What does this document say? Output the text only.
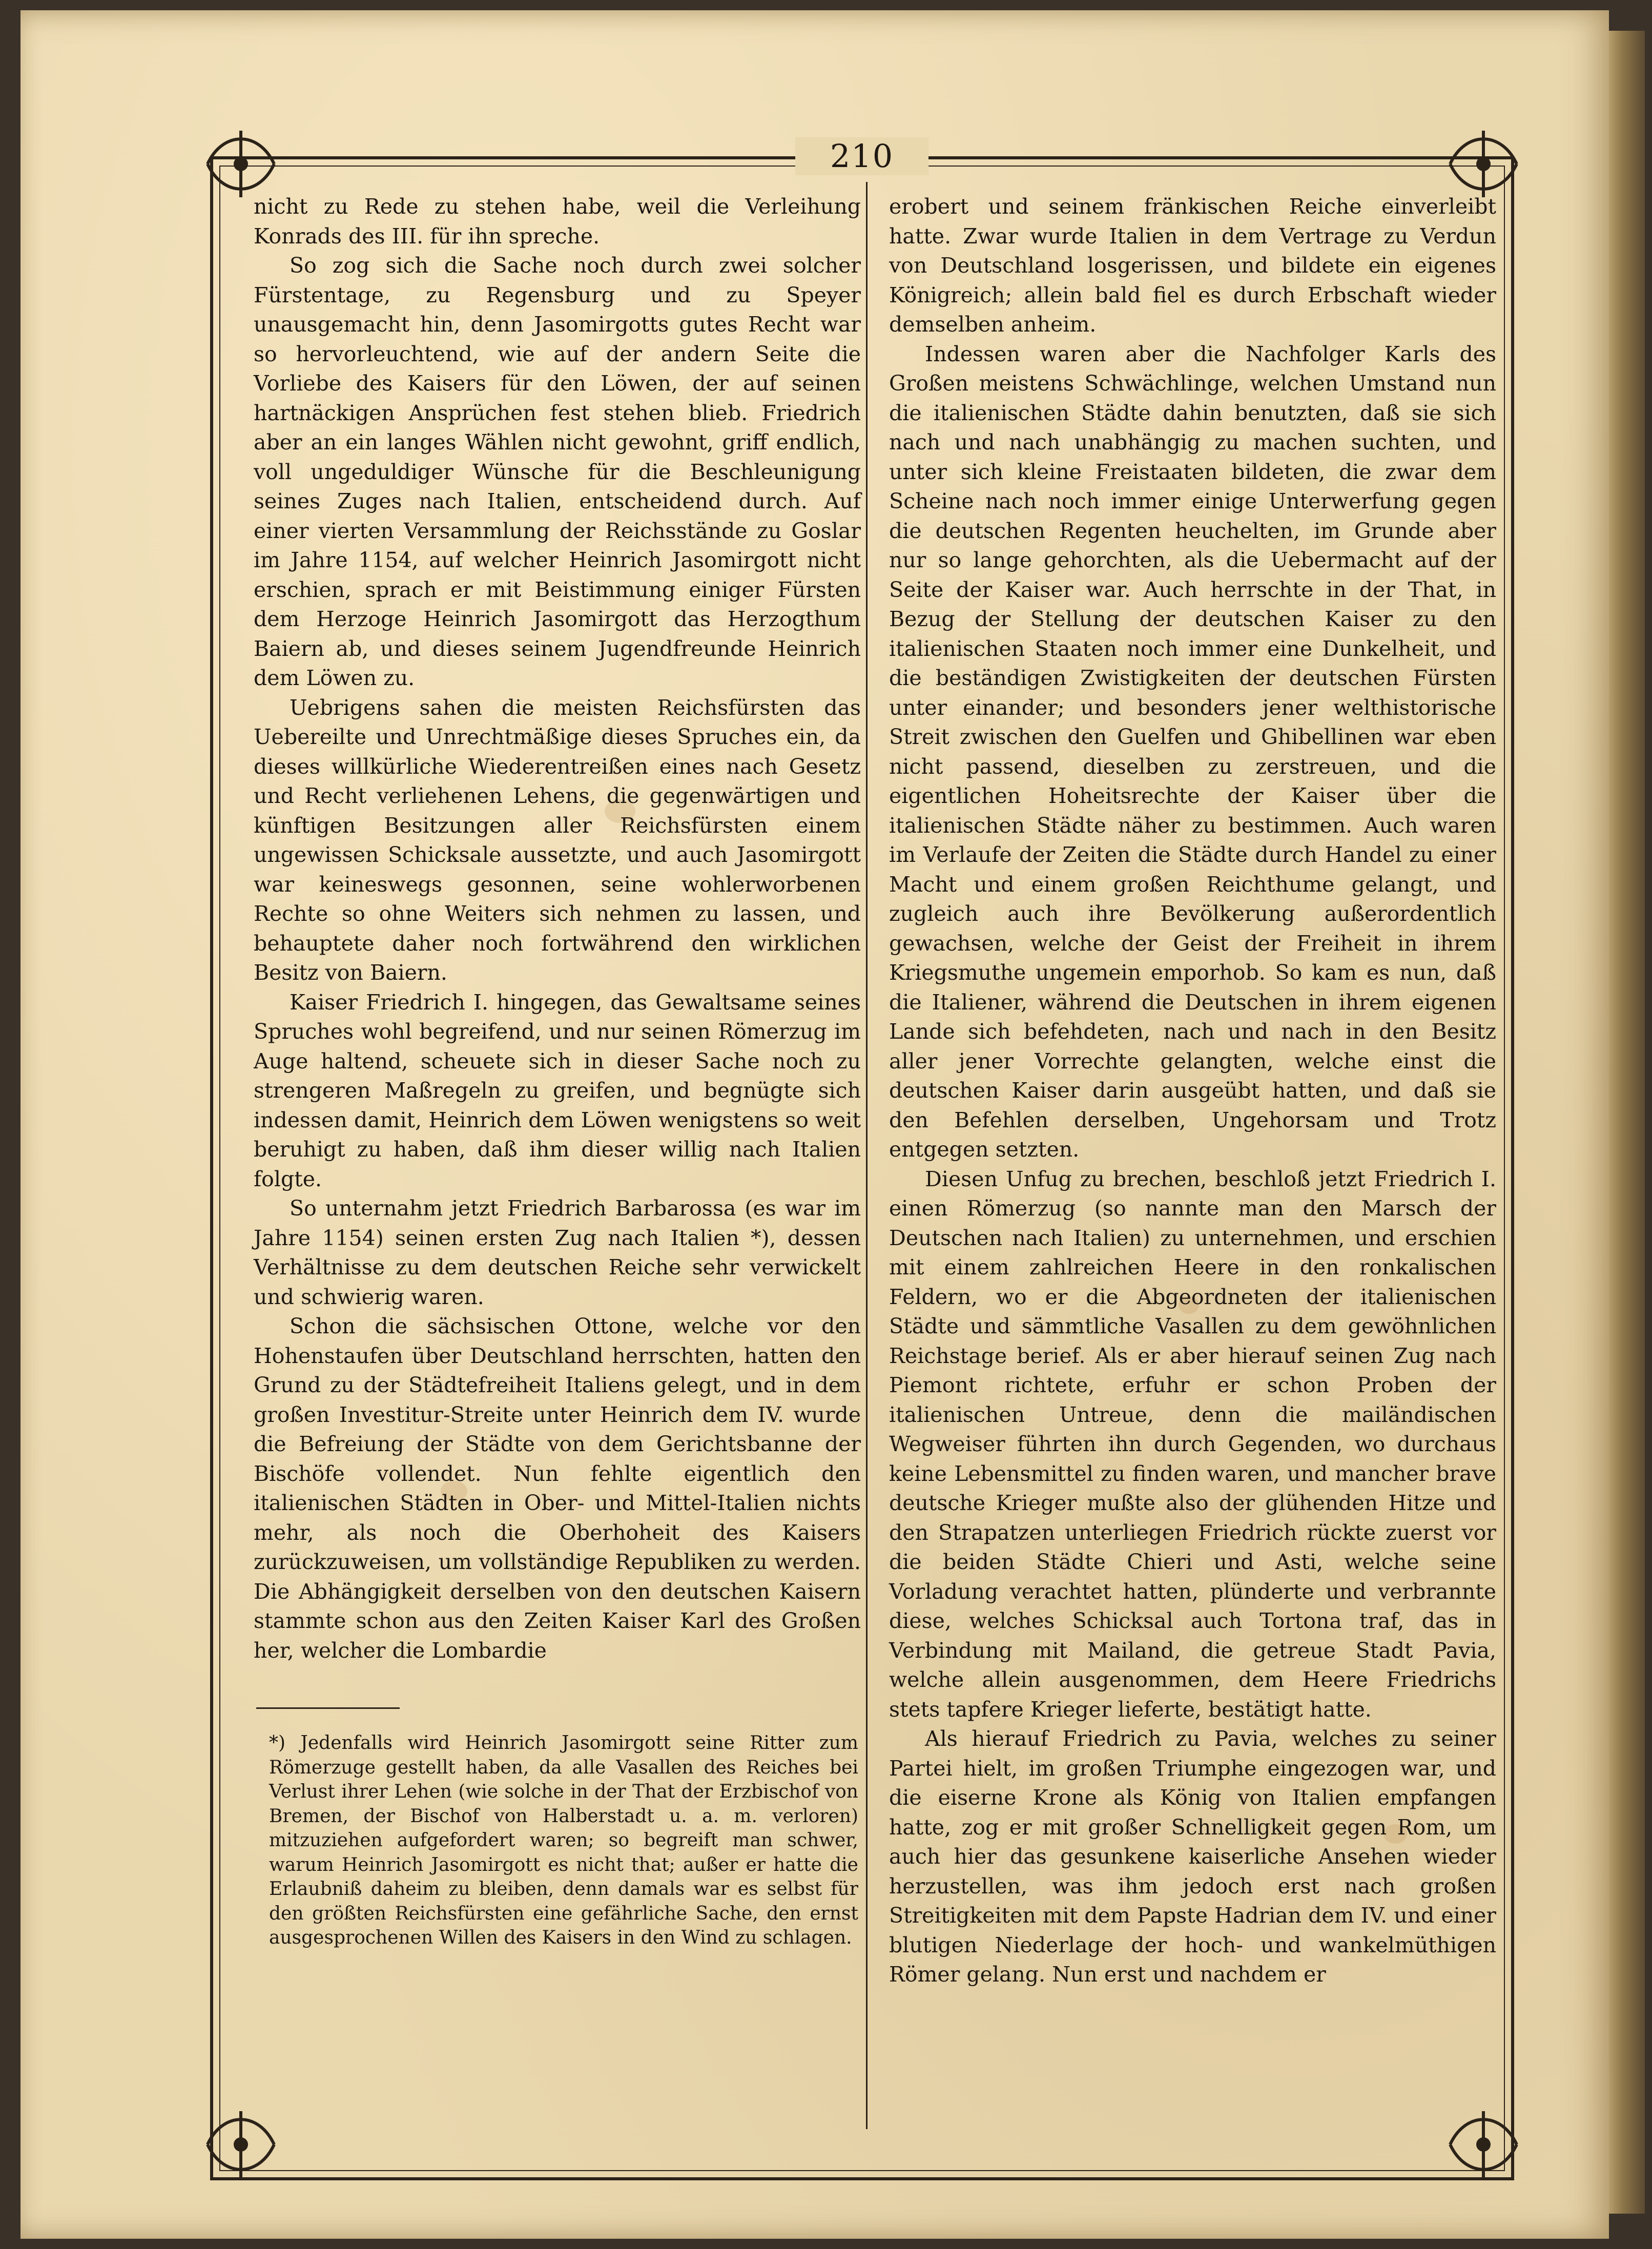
210

nicht zu Rede zu stehen habe, weil die Verleihung Konrads des III. für ihn spreche.

So zog sich die Sache noch durch zwei solcher Fürstentage, zu Regensburg und zu Speyer unausgemacht hin, denn Jasomirgotts gutes Recht war so hervorleuchtend, wie auf der andern Seite die Vorliebe des Kaisers für den Löwen, der auf seinen hartnäckigen Ansprüchen fest stehen blieb. Friedrich aber an ein langes Wählen nicht gewohnt, griff endlich, voll ungeduldiger Wünsche für die Beschleunigung seines Zuges nach Italien, entscheidend durch. Auf einer vierten Versammlung der Reichsstände zu Goslar im Jahre 1154, auf welcher Heinrich Jasomirgott nicht erschien, sprach er mit Beistimmung einiger Fürsten dem Herzoge Heinrich Jasomirgott das Herzogthum Baiern ab, und dieses seinem Jugendfreunde Heinrich dem Löwen zu.

Uebrigens sahen die meisten Reichsfürsten das Uebereilte und Unrechtmäßige dieses Spruches ein, da dieses willkürliche Wiederentreißen eines nach Gesetz und Recht verliehenen Lehens, die gegenwärtigen und künftigen Besitzungen aller Reichsfürsten einem ungewissen Schicksale aussetzte, und auch Jasomirgott war keineswegs gesonnen, seine wohlerworbenen Rechte so ohne Weiters sich nehmen zu lassen, und behauptete daher noch fortwährend den wirklichen Besitz von Baiern.

Kaiser Friedrich I. hingegen, das Gewaltsame seines Spruches wohl begreifend, und nur seinen Römerzug im Auge haltend, scheuete sich in dieser Sache noch zu strengeren Maßregeln zu greifen, und begnügte sich indessen damit, Heinrich dem Löwen wenigstens so weit beruhigt zu haben, daß ihm dieser willig nach Italien folgte.

So unternahm jetzt Friedrich Barbarossa (es war im Jahre 1154) seinen ersten Zug nach Italien *), dessen Verhältnisse zu dem deutschen Reiche sehr verwickelt und schwierig waren.

Schon die sächsischen Ottone, welche vor den Hohenstaufen über Deutschland herrschten, hatten den Grund zu der Städtefreiheit Italiens gelegt, und in dem großen Investitur-Streite unter Heinrich dem IV. wurde die Befreiung der Städte von dem Gerichtsbanne der Bischöfe vollendet. Nun fehlte eigentlich den italienischen Städten in Ober- und Mittel-Italien nichts mehr, als noch die Oberhoheit des Kaisers zurückzuweisen, um vollständige Republiken zu werden. Die Abhängigkeit derselben von den deutschen Kaisern stammte schon aus den Zeiten Kaiser Karl des Großen her, welcher die Lombardie

*) Jedenfalls wird Heinrich Jasomirgott seine Ritter zum Römerzuge gestellt haben, da alle Vasallen des Reiches bei Verlust ihrer Lehen (wie solche in der That der Erzbischof von Bremen, der Bischof von Halberstadt u. a. m. verloren) mitzuziehen aufgefordert waren; so begreift man schwer, warum Heinrich Jasomirgott es nicht that; außer er hatte die Erlaubniß daheim zu bleiben, denn damals war es selbst für den größten Reichsfürsten eine gefährliche Sache, den ernst ausgesprochenen Willen des Kaisers in den Wind zu schlagen.

erobert und seinem fränkischen Reiche einverleibt hatte. Zwar wurde Italien in dem Vertrage zu Verdun von Deutschland losgerissen, und bildete ein eigenes Königreich; allein bald fiel es durch Erbschaft wieder demselben anheim.

Indessen waren aber die Nachfolger Karls des Großen meistens Schwächlinge, welchen Umstand nun die italienischen Städte dahin benutzten, daß sie sich nach und nach unabhängig zu machen suchten, und unter sich kleine Freistaaten bildeten, die zwar dem Scheine nach noch immer einige Unterwerfung gegen die deutschen Regenten heuchelten, im Grunde aber nur so lange gehorchten, als die Uebermacht auf der Seite der Kaiser war. Auch herrschte in der That, in Bezug der Stellung der deutschen Kaiser zu den italienischen Staaten noch immer eine Dunkelheit, und die beständigen Zwistigkeiten der deutschen Fürsten unter einander; und besonders jener welthistorische Streit zwischen den Guelfen und Ghibellinen war eben nicht passend, dieselben zu zerstreuen, und die eigentlichen Hoheitsrechte der Kaiser über die italienischen Städte näher zu bestimmen. Auch waren im Verlaufe der Zeiten die Städte durch Handel zu einer Macht und einem großen Reichthume gelangt, und zugleich auch ihre Bevölkerung außerordentlich gewachsen, welche der Geist der Freiheit in ihrem Kriegsmuthe ungemein emporhob. So kam es nun, daß die Italiener, während die Deutschen in ihrem eigenen Lande sich befehdeten, nach und nach in den Besitz aller jener Vorrechte gelangten, welche einst die deutschen Kaiser darin ausgeübt hatten, und daß sie den Befehlen derselben, Ungehorsam und Trotz entgegen setzten.

Diesen Unfug zu brechen, beschloß jetzt Friedrich I. einen Römerzug (so nannte man den Marsch der Deutschen nach Italien) zu unternehmen, und erschien mit einem zahlreichen Heere in den ronkalischen Feldern, wo er die Abgeordneten der italienischen Städte und sämmtliche Vasallen zu dem gewöhnlichen Reichstage berief. Als er aber hierauf seinen Zug nach Piemont richtete, erfuhr er schon Proben der italienischen Untreue, denn die mailändischen Wegweiser führten ihn durch Gegenden, wo durchaus keine Lebensmittel zu finden waren, und mancher brave deutsche Krieger mußte also der glühenden Hitze und den Strapatzen unterliegen Friedrich rückte zuerst vor die beiden Städte Chieri und Asti, welche seine Vorladung verachtet hatten, plünderte und verbrannte diese, welches Schicksal auch Tortona traf, das in Verbindung mit Mailand, die getreue Stadt Pavia, welche allein ausgenommen, dem Heere Friedrichs stets tapfere Krieger lieferte, bestätigt hatte.

Als hierauf Friedrich zu Pavia, welches zu seiner Partei hielt, im großen Triumphe eingezogen war, und die eiserne Krone als König von Italien empfangen hatte, zog er mit großer Schnelligkeit gegen Rom, um auch hier das gesunkene kaiserliche Ansehen wieder herzustellen, was ihm jedoch erst nach großen Streitigkeiten mit dem Papste Hadrian dem IV. und einer blutigen Niederlage der hoch- und wankelmüthigen Römer gelang. Nun erst und nachdem er
